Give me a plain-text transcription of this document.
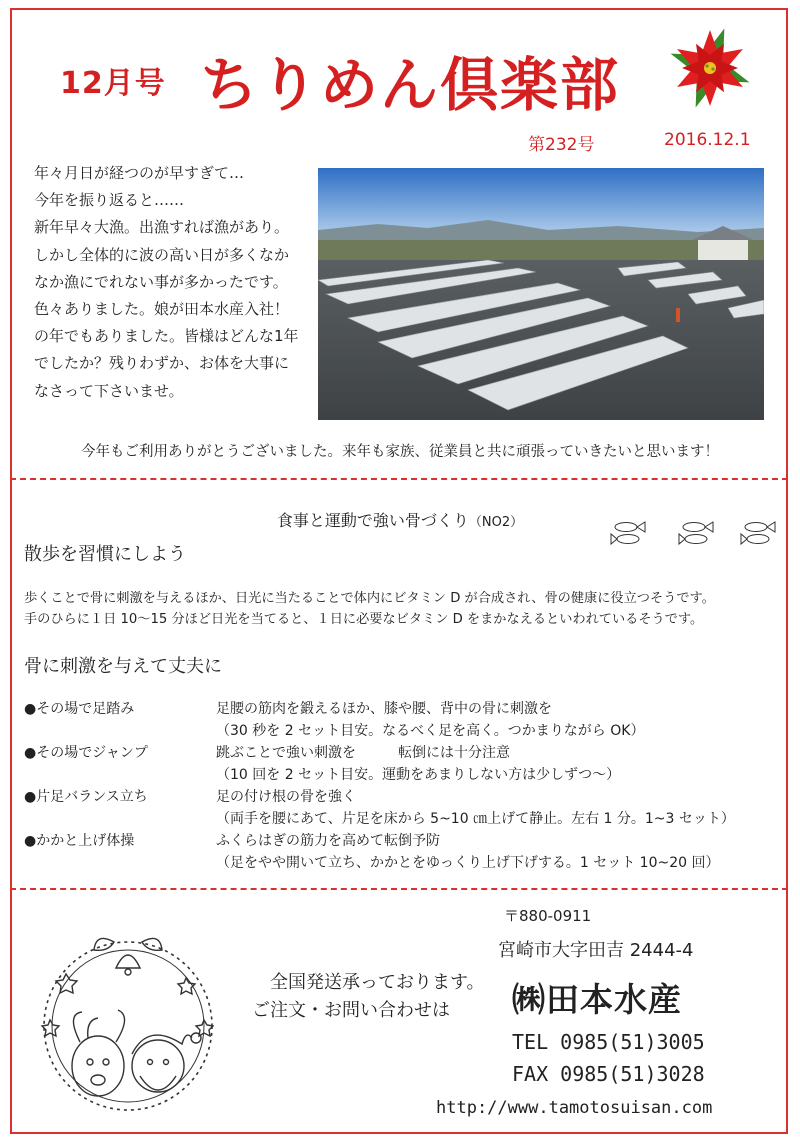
12月号 ちりめん倶楽部
第232号	2016.12.1
年々月日が経つのが早すぎて…
今年を振り返ると……
新年早々大漁。出漁すれば漁があり。
しかし全体的に波の高い日が多くなか
なか漁にでれない事が多かったです。
色々ありました。娘が田本水産入社！
の年でもありました。皆様はどんな1年
でしたか？残りわずか、お体を大事に
なさって下さいませ。
今年もご利用ありがとうございました。来年も家族、従業員と共に頑張っていきたいと思います！
食事と運動で強い骨づくり（NO2）
散歩を習慣にしよう
歩くことで骨に刺激を与えるほか、日光に当たることで体内にビタミン D が合成され、骨の健康に役立つそうです。
手のひらに１日 10～15 分ほど日光を当てると、１日に必要なビタミン D をまかなえるといわれているそうです。
骨に刺激を与えて丈夫に
●その場で足踏み	足腰の筋肉を鍛えるほか、膝や腰、背中の骨に刺激を
（30 秒を 2 セット目安。なるべく足を高く。つかまりながら OK）
●その場でジャンプ	跳ぶことで強い刺激を　　　転倒には十分注意
（10 回を 2 セット目安。運動をあまりしない方は少しずつ～）
●片足バランス立ち	足の付け根の骨を強く
（両手を腰にあて、片足を床から 5~10 ㎝上げて静止。左右 1 分。1~3 セット）
●かかと上げ体操	ふくらはぎの筋力を高めて転倒予防
（足をやや開いて立ち、かかとをゆっくり上げ下げする。1 セット 10~20 回）
〒880-0911
宮崎市大字田吉 2444-4
全国発送承っております。
ご注文・お問い合わせは ㈱田本水産
TEL 0985(51)3005
FAX 0985(51)3028
http://www.tamotosuisan.com
